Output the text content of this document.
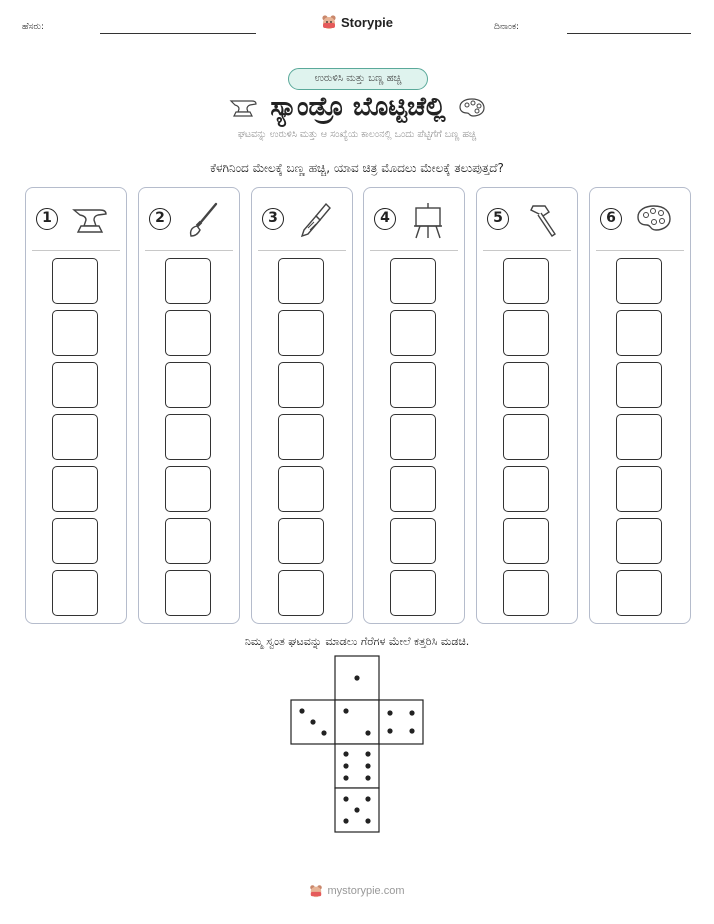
ಹೆಸರು:	Storypie	ದಿನಾಂಕ:
ಉರುಳಿಸಿ ಮತ್ತು ಬಣ್ಣ ಹಚ್ಚಿ
ಸ್ಯಾಂಡ್ರೊ ಬೊಟ್ಟಿಚೆಲ್ಲಿ
ಘಟವನ್ನು ಉರುಳಿಸಿ ಮತ್ತು ಆ ಸಂಖ್ಯೆಯ ಕಾಲಂನಲ್ಲಿ ಒಂದು ಪೆಟ್ಟಿಗೆಗೆ ಬಣ್ಣ ಹಚ್ಚಿ
ಕೆಳಗಿನಿಂದ ಮೇಲಕ್ಕೆ ಬಣ್ಣ ಹಚ್ಚಿ, ಯಾವ ಚಿತ್ರ ಮೊದಲು ಮೇಲಕ್ಕೆ ತಲುಪುತ್ತದೆ?
1	2	3	4	5	6
ನಿಮ್ಮ ಸ್ವಂತ ಘಟವನ್ನು ಮಾಡಲು ಗೆರೆಗಳ ಮೇಲೆ ಕತ್ತರಿಸಿ ಮಡಚಿ.
mystorypie.com
